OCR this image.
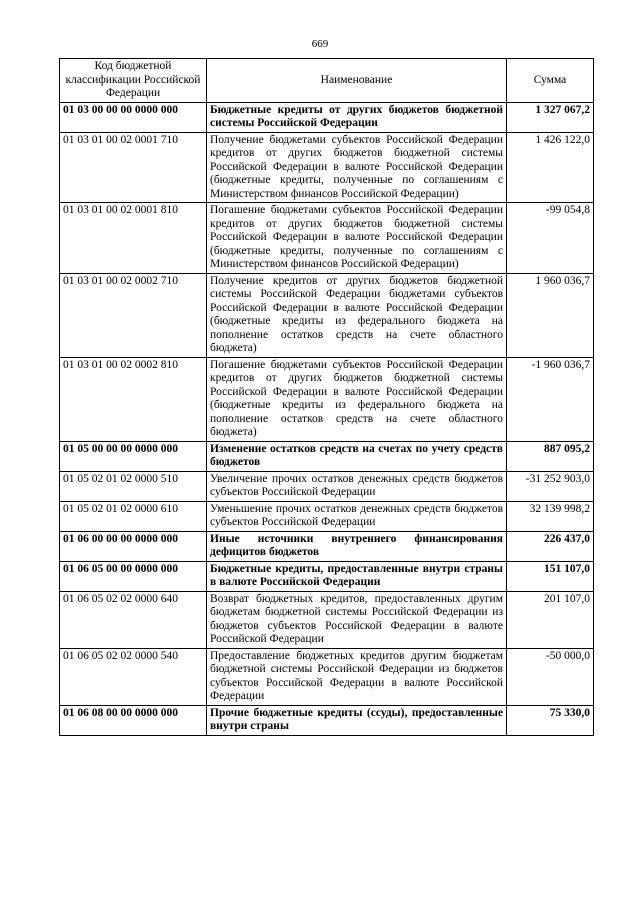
669
Код бюджетной классификации Российской Федерации	Наименование	Сумма
01 03 00 00 00 0000 000	Бюджетные кредиты от других бюджетов бюджетной системы Российской Федерации	1 327 067,2
01 03 01 00 02 0001 710	Получение бюджетами субъектов Российской Федерации кредитов от других бюджетов бюджетной системы Российской Федерации в валюте Российской Федерации (бюджетные кредиты, полученные по соглашениям с Министерством финансов Российской Федерации)	1 426 122,0
01 03 01 00 02 0001 810	Погашение бюджетами субъектов Российской Федерации кредитов от других бюджетов бюджетной системы Российской Федерации в валюте Российской Федерации (бюджетные кредиты, полученные по соглашениям с Министерством финансов Российской Федерации)	-99 054,8
01 03 01 00 02 0002 710	Получение кредитов от других бюджетов бюджетной системы Российской Федерации бюджетами субъектов Российской Федерации в валюте Российской Федерации (бюджетные кредиты из федерального бюджета на пополнение остатков средств на счете областного бюджета)	1 960 036,7
01 03 01 00 02 0002 810	Погашение бюджетами субъектов Российской Федерации кредитов от других бюджетов бюджетной системы Российской Федерации в валюте Российской Федерации (бюджетные кредиты из федерального бюджета на пополнение остатков средств на счете областного бюджета)	-1 960 036,7
01 05 00 00 00 0000 000	Изменение остатков средств на счетах по учету средств бюджетов	887 095,2
01 05 02 01 02 0000 510	Увеличение прочих остатков денежных средств бюджетов субъектов Российской Федерации	-31 252 903,0
01 05 02 01 02 0000 610	Уменьшение прочих остатков денежных средств бюджетов субъектов Российской Федерации	32 139 998,2
01 06 00 00 00 0000 000	Иные источники внутреннего финансирования дефицитов бюджетов	226 437,0
01 06 05 00 00 0000 000	Бюджетные кредиты, предоставленные внутри страны в валюте Российской Федерации	151 107,0
01 06 05 02 02 0000 640	Возврат бюджетных кредитов, предоставленных другим бюджетам бюджетной системы Российской Федерации из бюджетов субъектов Российской Федерации в валюте Российской Федерации	201 107,0
01 06 05 02 02 0000 540	Предоставление бюджетных кредитов другим бюджетам бюджетной системы Российской Федерации из бюджетов субъектов Российской Федерации в валюте Российской Федерации	-50 000,0
01 06 08 00 00 0000 000	Прочие бюджетные кредиты (ссуды), предоставленные внутри страны	75 330,0
